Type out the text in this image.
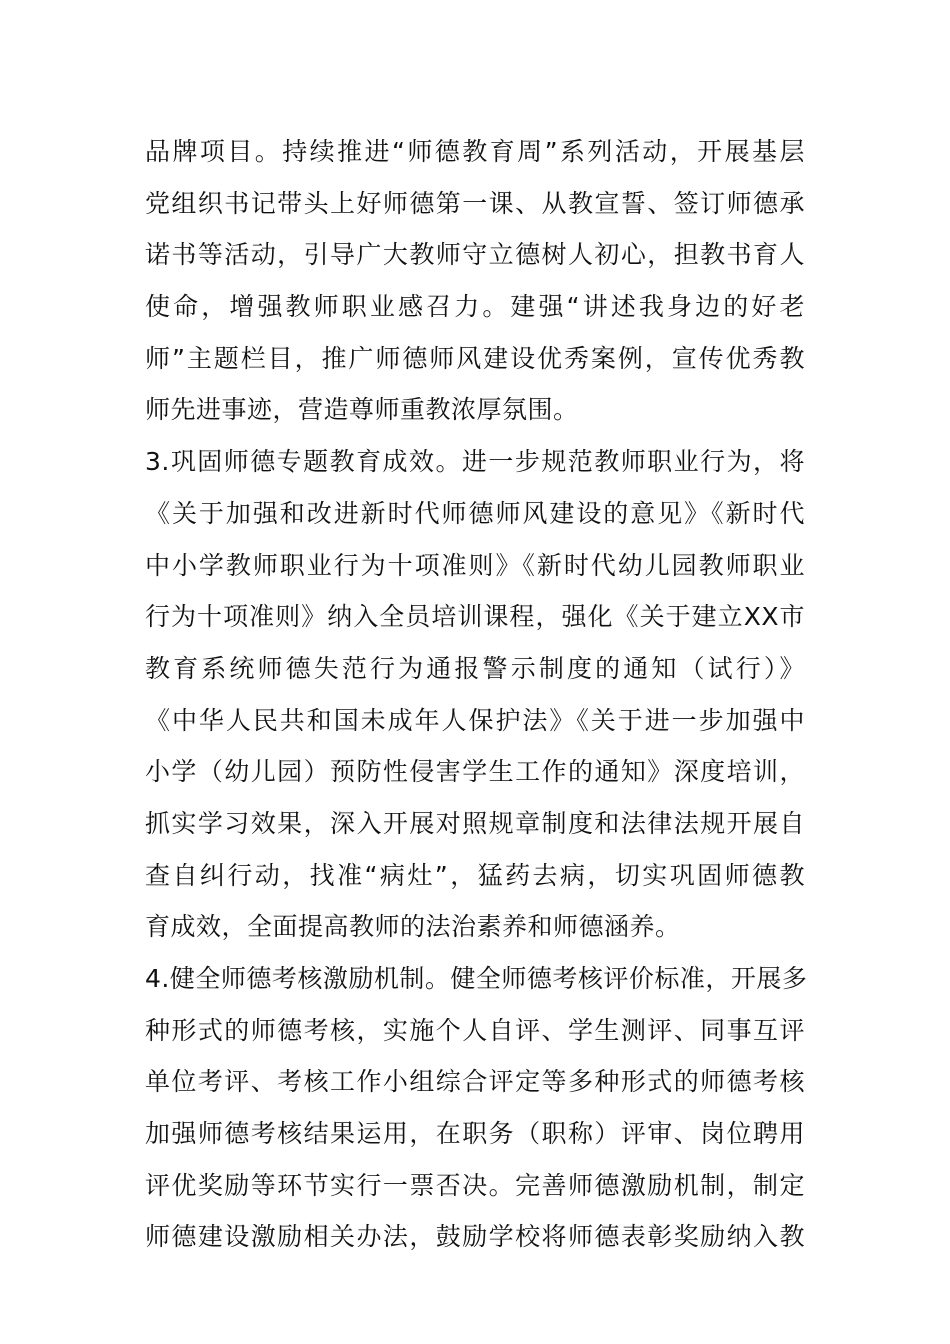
品牌项目。持续推进“师德教育周”系列活动，开展基层
党组织书记带头上好师德第一课、从教宣誓、签订师德承
诺书等活动，引导广大教师守立德树人初心，担教书育人
使命，增强教师职业感召力。建强“讲述我身边的好老
师”主题栏目，推广师德师风建设优秀案例，宣传优秀教
师先进事迹，营造尊师重教浓厚氛围。
3.巩固师德专题教育成效。进一步规范教师职业行为，将
《关于加强和改进新时代师德师风建设的意见》《新时代
中小学教师职业行为十项准则》《新时代幼儿园教师职业
行为十项准则》纳入全员培训课程，强化《关于建立XX市
教育系统师德失范行为通报警示制度的通知（试行）》
《中华人民共和国未成年人保护法》《关于进一步加强中
小学（幼儿园）预防性侵害学生工作的通知》深度培训，
抓实学习效果，深入开展对照规章制度和法律法规开展自
查自纠行动，找准“病灶”，猛药去病，切实巩固师德教
育成效，全面提高教师的法治素养和师德涵养。
4.健全师德考核激励机制。健全师德考核评价标准，开展多
种形式的师德考核，实施个人自评、学生测评、同事互评
单位考评、考核工作小组综合评定等多种形式的师德考核
加强师德考核结果运用，在职务（职称）评审、岗位聘用
评优奖励等环节实行一票否决。完善师德激励机制，制定
师德建设激励相关办法，鼓励学校将师德表彰奖励纳入教
